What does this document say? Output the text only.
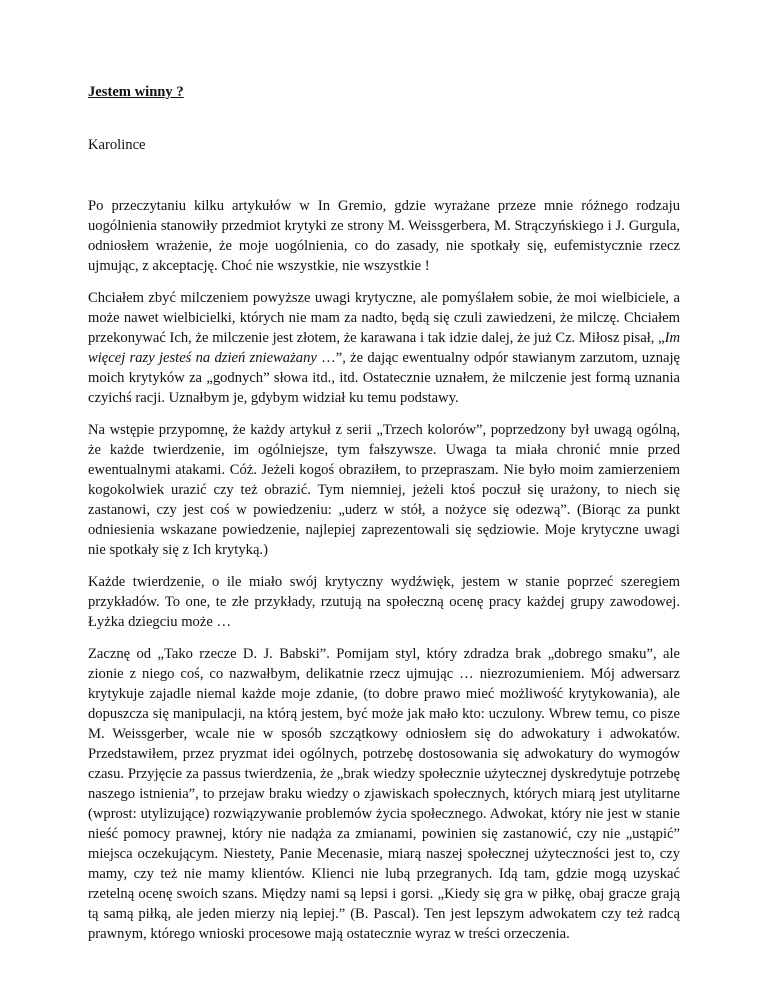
Jestem winny ?

Karolince

Po przeczytaniu kilku artykułów w In Gremio, gdzie wyrażane przeze mnie różnego rodzaju uogólnienia stanowiły przedmiot krytyki ze strony M. Weissgerbera, M. Strączyńskiego i J. Gurgula, odniosłem wrażenie, że moje uogólnienia, co do zasady, nie spotkały się, eufemistycznie rzecz ujmując, z akceptację. Choć nie wszystkie, nie wszystkie !

Chciałem zbyć milczeniem powyższe uwagi krytyczne, ale pomyślałem sobie, że moi wielbiciele, a może nawet wielbicielki, których nie mam za nadto, będą się czuli zawiedzeni, że milczę. Chciałem przekonywać Ich, że milczenie jest złotem, że karawana i tak idzie dalej, że już Cz. Miłosz pisał, „Im więcej razy jesteś na dzień znieważany …”, że dając ewentualny odpór stawianym zarzutom, uznaję moich krytyków za „godnych” słowa itd., itd. Ostatecznie uznałem, że milczenie jest formą uznania czyichś racji. Uznałbym je, gdybym widział ku temu podstawy.

Na wstępie przypomnę, że każdy artykuł z serii „Trzech kolorów”, poprzedzony był uwagą ogólną, że każde twierdzenie, im ogólniejsze, tym fałszywsze. Uwaga ta miała chronić mnie przed ewentualnymi atakami. Cóż. Jeżeli kogoś obraziłem, to przepraszam. Nie było moim zamierzeniem kogokolwiek urazić czy też obrazić. Tym niemniej, jeżeli ktoś poczuł się urażony, to niech się zastanowi, czy jest coś w powiedzeniu: „uderz w stół, a nożyce się odezwą”. (Biorąc za punkt odniesienia wskazane powiedzenie, najlepiej zaprezentowali się sędziowie. Moje krytyczne uwagi nie spotkały się z Ich krytyką.)

Każde twierdzenie, o ile miało swój krytyczny wydźwięk, jestem w stanie poprzeć szeregiem przykładów. To one, te złe przykłady, rzutują na społeczną ocenę pracy każdej grupy zawodowej. Łyżka dziegciu może …

Zacznę od „Tako rzecze D. J. Babski”. Pomijam styl, który zdradza brak „dobrego smaku”, ale zionie z niego coś, co nazwałbym, delikatnie rzecz ujmując … niezrozumieniem. Mój adwersarz krytykuje zajadle niemal każde moje zdanie, (to dobre prawo mieć możliwość krytykowania), ale dopuszcza się manipulacji, na którą jestem, być może jak mało kto: uczulony. Wbrew temu, co pisze M. Weissgerber, wcale nie w sposób szczątkowy odniosłem się do adwokatury i adwokatów. Przedstawiłem, przez pryzmat idei ogólnych, potrzebę dostosowania się adwokatury do wymogów czasu. Przyjęcie za passus twierdzenia, że „brak wiedzy społecznie użytecznej dyskredytuje potrzebę naszego istnienia”, to przejaw braku wiedzy o zjawiskach społecznych, których miarą jest utylitarne (wprost: utylizujące) rozwiązywanie problemów życia społecznego. Adwokat, który nie jest w stanie nieść pomocy prawnej, który nie nadąża za zmianami, powinien się zastanowić, czy nie „ustąpić” miejsca oczekującym. Niestety, Panie Mecenasie, miarą naszej społecznej użyteczności jest to, czy mamy, czy też nie mamy klientów. Klienci nie lubą przegranych. Idą tam, gdzie mogą uzyskać rzetelną ocenę swoich szans. Między nami są lepsi i gorsi. „Kiedy się gra w piłkę, obaj gracze grają tą samą piłką, ale jeden mierzy nią lepiej.” (B. Pascal). Ten jest lepszym adwokatem czy też radcą prawnym, którego wnioski procesowe mają ostatecznie wyraz w treści orzeczenia.
